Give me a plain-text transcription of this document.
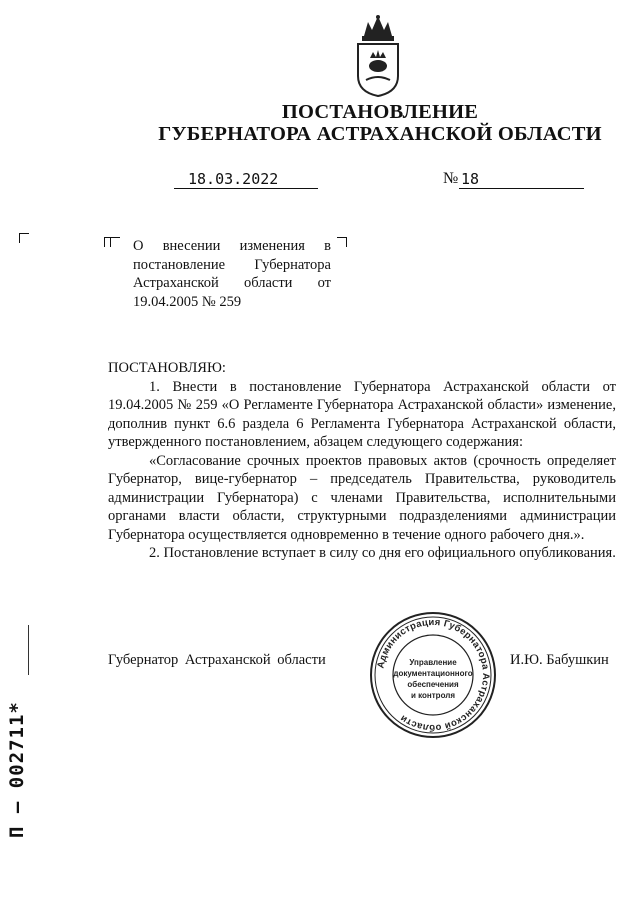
ПОСТАНОВЛЕНИЕ
ГУБЕРНАТОРА АСТРАХАНСКОЙ ОБЛАСТИ
18.03.2022	№ 18
О внесении изменения в
постановление Губернатора
Астраханской области от
19.04.2005 № 259

ПОСТАНОВЛЯЮ:

1. Внести в постановление Губернатора Астраханской области от 19.04.2005 № 259 «О Регламенте Губернатора Астраханской области» изменение, дополнив пункт 6.6 раздела 6 Регламента Губернатора Астраханской области, утвержденного постановлением, абзацем следующего содержания:

«Согласование срочных проектов правовых актов (срочность определяет Губернатор, вице-губернатор – председатель Правительства, руководитель администрации Губернатора) с членами Правительства, исполнительными органами власти области, структурными подразделениями администрации Губернатора осуществляется одновременно в течение одного рабочего дня.».

2. Постановление вступает в силу со дня его официального опубликования.

Губернатор Астраханской области	И.Ю. Бабушкин
Администрация Губернатора Астраханской области
Управление
документационного
обеспечения
и контроля
П – 002711*
